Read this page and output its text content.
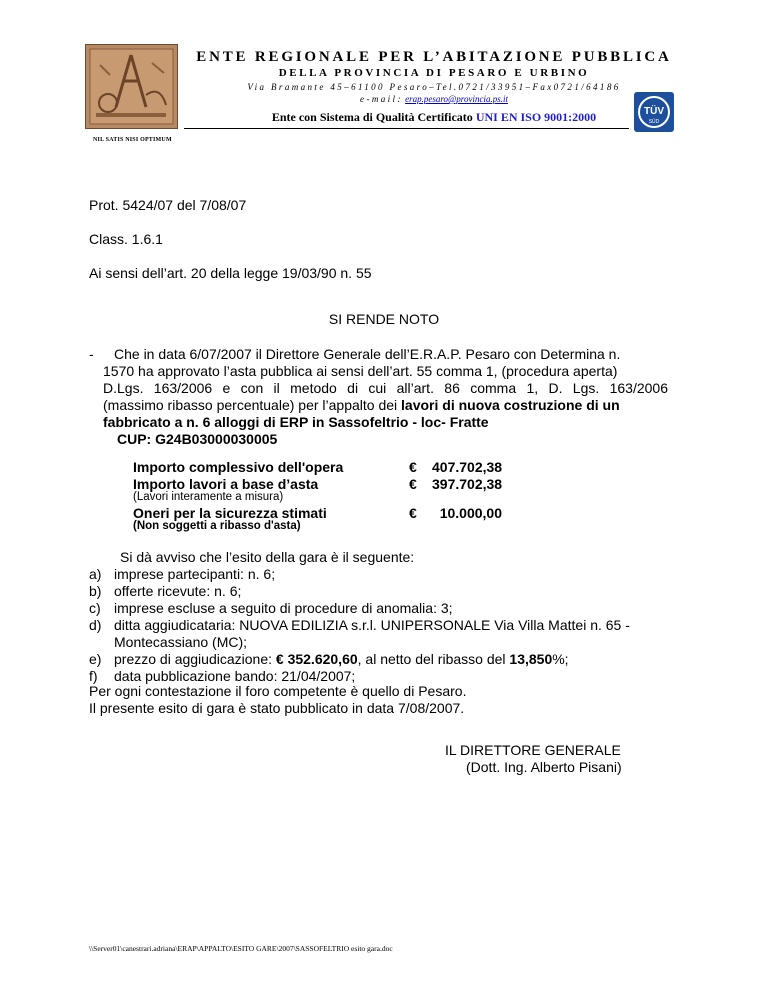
NIL SATIS NISI OPTIMUM
ENTE REGIONALE PER L’ABITAZIONE PUBBLICA
DELLA PROVINCIA DI PESARO E URBINO
Via Bramante 45–61100 Pesaro–Tel.0721/33951–Fax0721/64186
e-mail: erap.pesaro@provincia.ps.it
Ente con Sistema di Qualità Certificato UNI EN ISO 9001:2000	TÜV
SÜD
Prot. 5424/07 del 7/08/07
Class. 1.6.1
Ai sensi dell’art. 20 della legge 19/03/90 n. 55
SI RENDE NOTO
- Che in data 6/07/2007 il Direttore Generale dell’E.R.A.P. Pesaro con Determina n.
1570 ha approvato l’asta pubblica ai sensi dell’art. 55 comma 1, (procedura aperta)
D.Lgs. 163/2006 e con il metodo di cui all’art. 86 comma 1, D. Lgs. 163/2006
(massimo ribasso percentuale) per l’appalto dei lavori di nuova costruzione di un
fabbricato a n. 6 alloggi di ERP in Sassofeltrio - loc- Fratte
CUP: G24B03000030005
Importo complessivo dell'opera	€ 407.702,38
Importo lavori a base d’asta	€ 397.702,38
(Lavori interamente a misura)
Oneri per la sicurezza stimati	€	10.000,00
(Non soggetti a ribasso d'asta)
Si dà avviso che l’esito della gara è il seguente:
a) imprese partecipanti: n. 6;
b) offerte ricevute: n. 6;
c) imprese escluse a seguito di procedure di anomalia: 3;
d) ditta aggiudicataria: NUOVA EDILIZIA s.r.l. UNIPERSONALE Via Villa Mattei n. 65 -
Montecassiano (MC);
e) prezzo di aggiudicazione: € 352.620,60, al netto del ribasso del 13,850%;
f)	data pubblicazione bando: 21/04/2007;
Per ogni contestazione il foro competente è quello di Pesaro.
Il presente esito di gara è stato pubblicato in data 7/08/2007.
IL DIRETTORE GENERALE
(Dott. Ing. Alberto Pisani)
\\Server01\canestrari.adriana\ERAP\APPALTO\ESITO GARE\2007\SASSOFELTRIO esito gara.doc
